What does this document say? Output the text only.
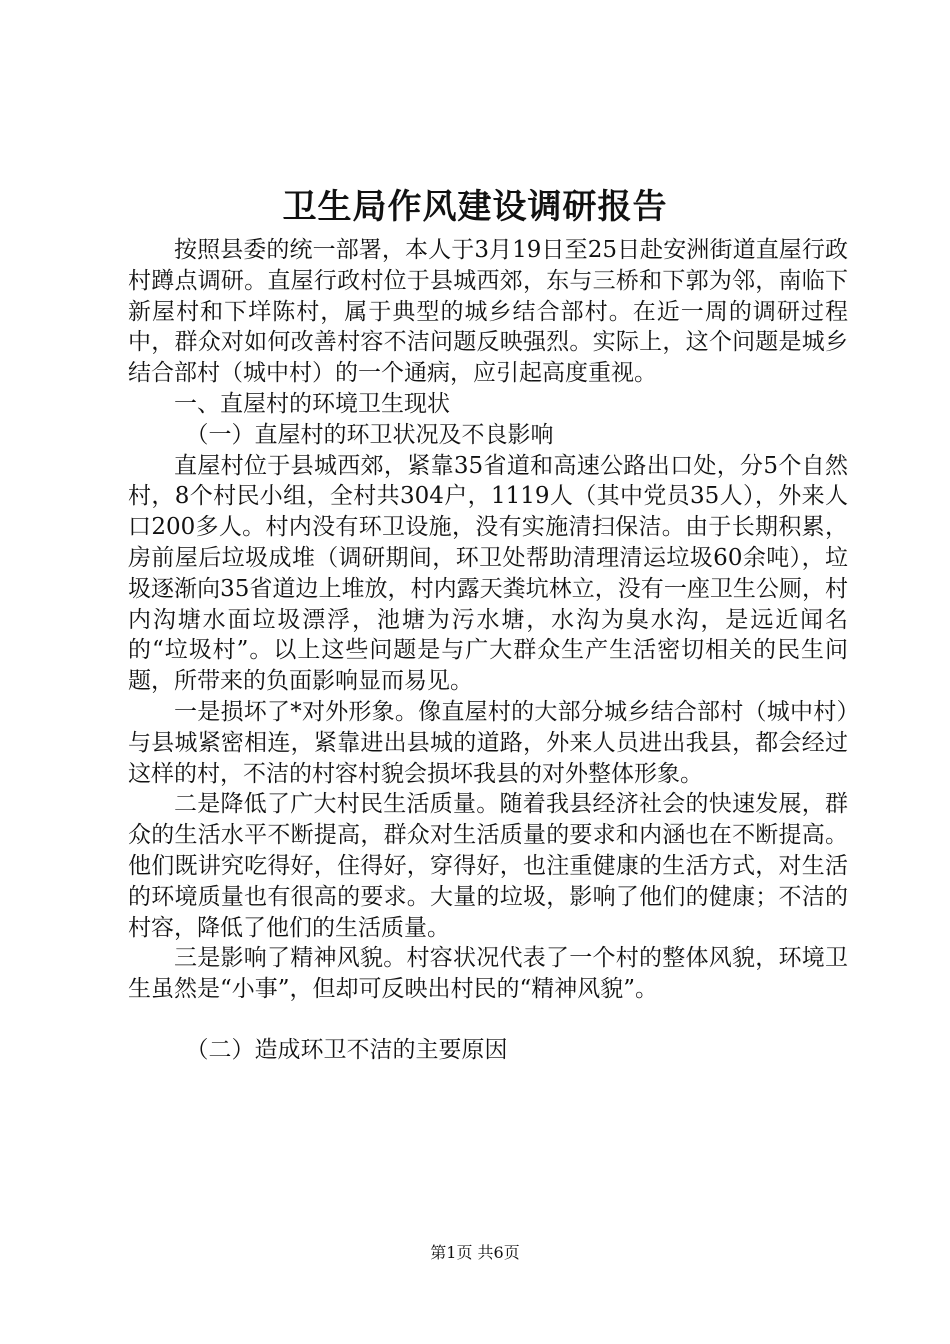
卫生局作风建设调研报告

按照县委的统一部署，本人于3月19日至25日赴安洲街道直屋行政村蹲点调研。直屋行政村位于县城西郊，东与三桥和下郭为邻，南临下新屋村和下垟陈村，属于典型的城乡结合部村。在近一周的调研过程中，群众对如何改善村容不洁问题反映强烈。实际上，这个问题是城乡结合部村（城中村）的一个通病，应引起高度重视。

一、直屋村的环境卫生现状

（一）直屋村的环卫状况及不良影响

直屋村位于县城西郊，紧靠35省道和高速公路出口处，分5个自然村，8个村民小组，全村共304户，1119人（其中党员35人），外来人口200多人。村内没有环卫设施，没有实施清扫保洁。由于长期积累，房前屋后垃圾成堆（调研期间，环卫处帮助清理清运垃圾60余吨），垃圾逐渐向35省道边上堆放，村内露天粪坑林立，没有一座卫生公厕，村内沟塘水面垃圾漂浮，池塘为污水塘，水沟为臭水沟，是远近闻名的“垃圾村”。以上这些问题是与广大群众生产生活密切相关的民生问题，所带来的负面影响显而易见。

一是损坏了*对外形象。像直屋村的大部分城乡结合部村（城中村）与县城紧密相连，紧靠进出县城的道路，外来人员进出我县，都会经过这样的村，不洁的村容村貌会损坏我县的对外整体形象。

二是降低了广大村民生活质量。随着我县经济社会的快速发展，群众的生活水平不断提高，群众对生活质量的要求和内涵也在不断提高。他们既讲究吃得好，住得好，穿得好，也注重健康的生活方式，对生活的环境质量也有很高的要求。大量的垃圾，影响了他们的健康；不洁的村容，降低了他们的生活质量。

三是影响了精神风貌。村容状况代表了一个村的整体风貌，环境卫生虽然是“小事”，但却可反映出村民的“精神风貌”。

（二）造成环卫不洁的主要原因

第1页 共6页
